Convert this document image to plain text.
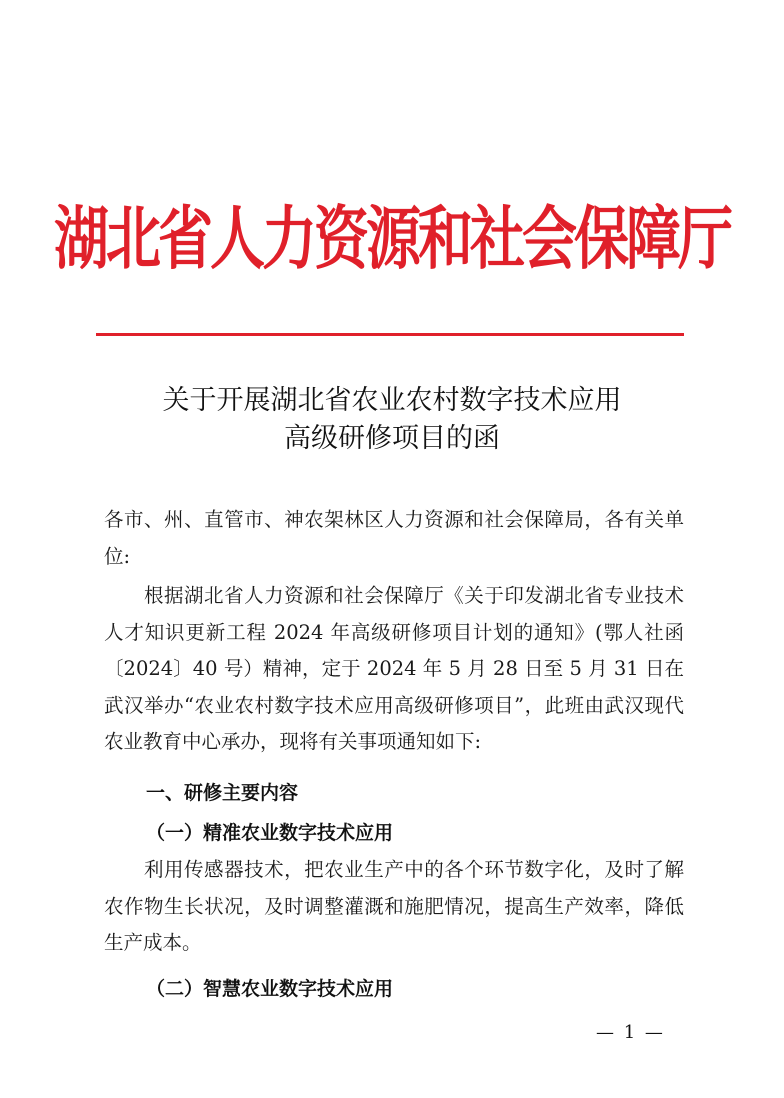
湖北省人力资源和社会保障厅
关于开展湖北省农业农村数字技术应用
高级研修项目的函
各市、州、直管市、神农架林区人力资源和社会保障局，各有关单位:
根据湖北省人力资源和社会保障厅《关于印发湖北省专业技术人才知识更新工程 2024 年高级研修项目计划的通知》(鄂人社函〔2024〕40 号）精神，定于 2024 年 5 月 28 日至 5 月 31 日在武汉举办“农业农村数字技术应用高级研修项目”，此班由武汉现代农业教育中心承办，现将有关事项通知如下:
一、研修主要内容
（一）精准农业数字技术应用
利用传感器技术，把农业生产中的各个环节数字化，及时了解农作物生长状况，及时调整灌溉和施肥情况，提高生产效率，降低生产成本。
（二）智慧农业数字技术应用
— 1 —
